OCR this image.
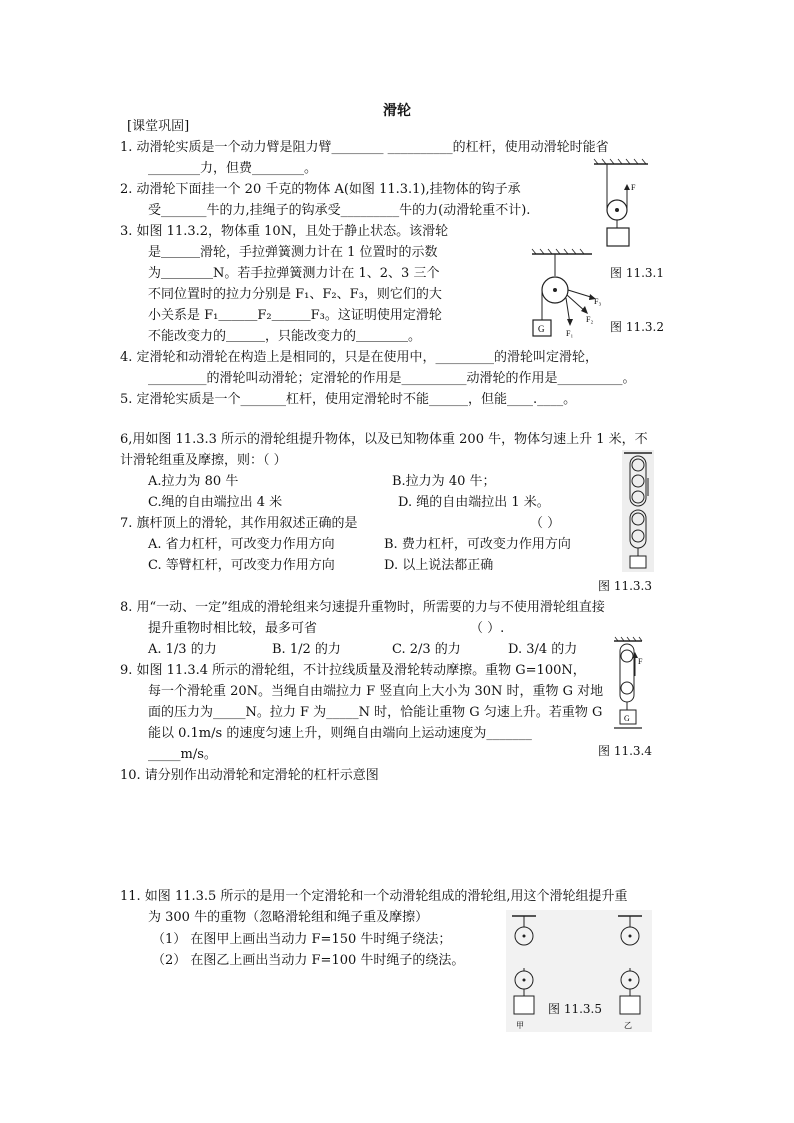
滑轮
[课堂巩固]
1. 动滑轮实质是一个动力臂是阻力臂________ __________的杠杆，使用动滑轮时能省
________力，但费________。
2. 动滑轮下面挂一个 20 千克的物体 A(如图 11.3.1),挂物体的钩子承
受_______牛的力,挂绳子的钩承受_________牛的力(动滑轮重不计).
3. 如图 11.3.2，物体重 10N，且处于静止状态。该滑轮
是＿＿＿滑轮，手拉弹簧测力计在 1 位置时的示数
为＿＿＿＿N。若手拉弹簧测力计在 1、2、3 三个
不同位置时的拉力分别是 F₁、F₂、F₃，则它们的大
小关系是 F₁＿＿＿F₂＿＿＿F₃。这证明使用定滑轮
不能改变力的＿＿＿，只能改变力的＿＿＿＿。
4. 定滑轮和动滑轮在构造上是相同的，只是在使用中，_________的滑轮叫定滑轮，
_________的滑轮叫动滑轮；定滑轮的作用是__________动滑轮的作用是__________。
5. 定滑轮实质是一个_______杠杆，使用定滑轮时不能______，但能____.____。
6,用如图 11.3.3 所示的滑轮组提升物体，以及已知物体重 200 牛，物体匀速上升 1 米，不
计滑轮组重及摩擦，则：（ ）
A.拉力为 80 牛	B.拉力为 40 牛；
C.绳的自由端拉出 4 米	D. 绳的自由端拉出 1 米。
7. 旗杆顶上的滑轮，其作用叙述正确的是	（ ）
A. 省力杠杆，可改变力作用方向	B. 费力杠杆，可改变力作用方向
C. 等臂杠杆，可改变力作用方向	D. 以上说法都正确
8. 用“一动、一定”组成的滑轮组来匀速提升重物时，所需要的力与不使用滑轮组直接
提升重物时相比较，最多可省	（ ）.
A. 1/3 的力	B. 1/2 的力	C. 2/3 的力	D. 3/4 的力
9. 如图 11.3.4 所示的滑轮组，不计拉线质量及滑轮转动摩擦。重物 G=100N，
每一个滑轮重 20N。当绳自由端拉力 F 竖直向上大小为 30N 时，重物 G 对地
面的压力为_____N。拉力 F 为_____N 时，恰能让重物 G 匀速上升。若重物 G
能以 0.1m/s 的速度匀速上升，则绳自由端向上运动速度为_______
_____m/s。
10. 请分别作出动滑轮和定滑轮的杠杆示意图
11. 如图 11.3.5 所示的是用一个定滑轮和一个动滑轮组成的滑轮组,用这个滑轮组提升重
为 300 牛的重物（忽略滑轮组和绳子重及摩擦）
（1） 在图甲上画出当动力 F=150 牛时绳子绕法；
（2） 在图乙上画出当动力 F=100 牛时绳子的绕法。
F
图 11.3.1
G
F₃
F₂
F₁	图 11.3.2
图 11.3.3
F
G
图 11.3.4
甲	乙
图 11.3.5
